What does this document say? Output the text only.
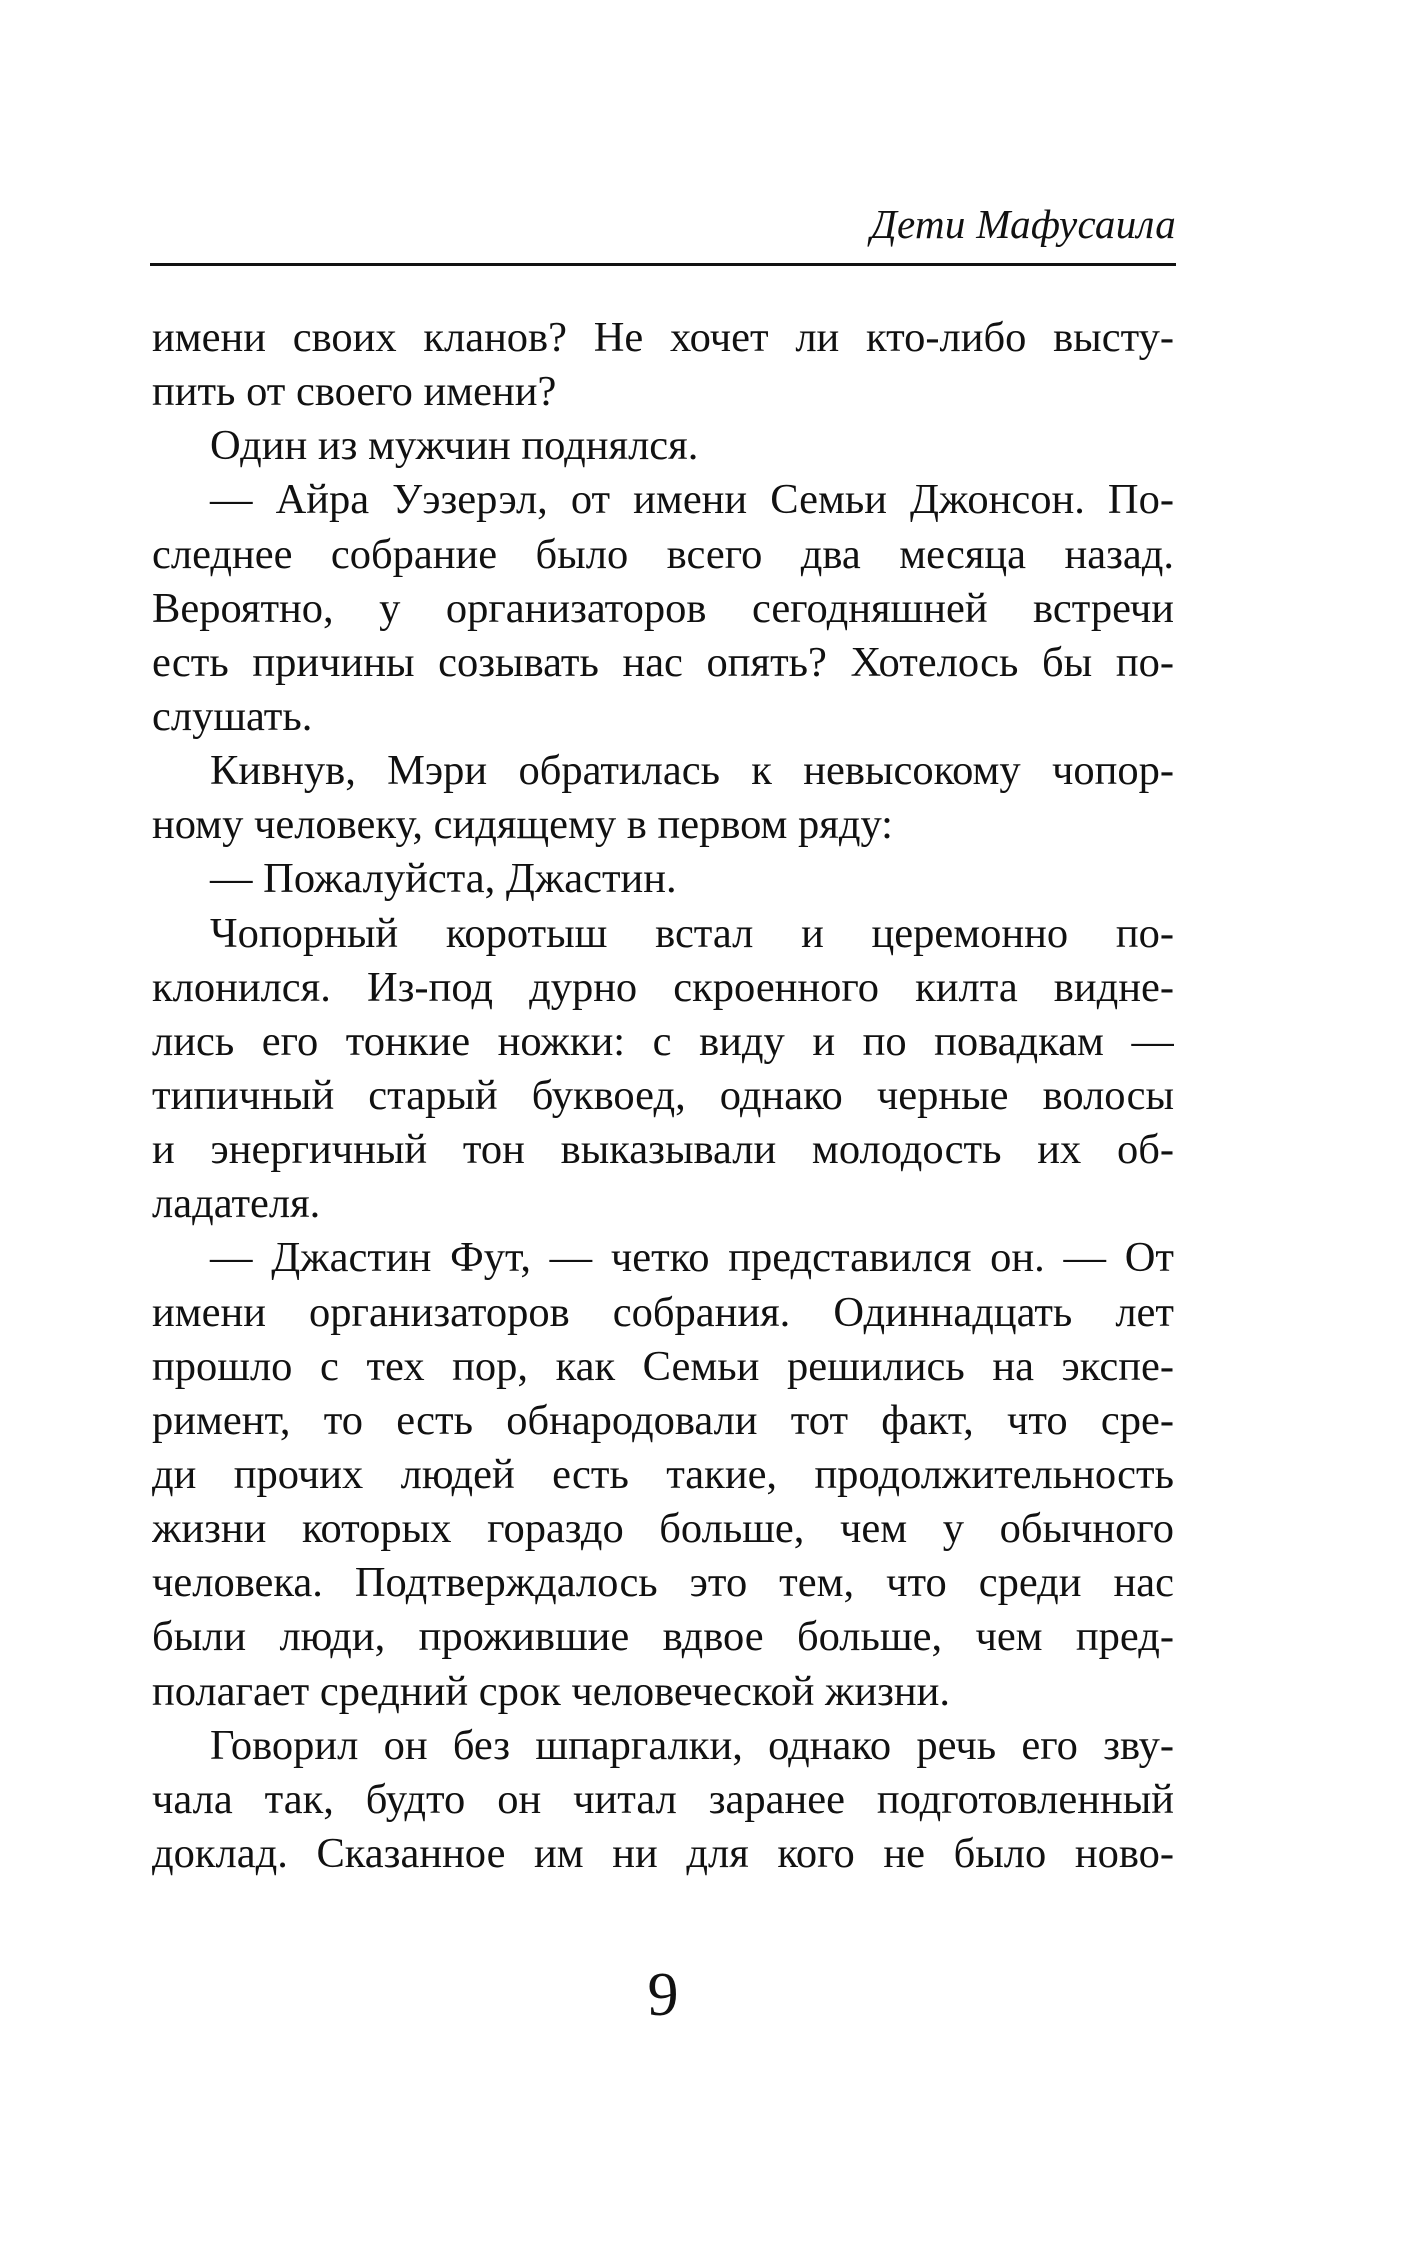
Дети Мафусаила
имени своих кланов? Не хочет ли кто-либо высту-
пить от своего имени?
Один из мужчин поднялся.
— Айра Уэзерэл, от имени Семьи Джонсон. По-
следнее собрание было всего два месяца назад.
Вероятно, у организаторов сегодняшней встречи
есть причины созывать нас опять? Хотелось бы по-
слушать.
Кивнув, Мэри обратилась к невысокому чопор-
ному человеку, сидящему в первом ряду:
— Пожалуйста, Джастин.
Чопорный коротыш встал и церемонно по-
клонился. Из-под дурно скроенного килта видне-
лись его тонкие ножки: с виду и по повадкам —
типичный старый буквоед, однако черные волосы
и энергичный тон выказывали молодость их об-
ладателя.
— Джастин Фут, — четко представился он. — От
имени организаторов собрания. Одиннадцать лет
прошло с тех пор, как Семьи решились на экспе-
римент, то есть обнародовали тот факт, что сре-
ди прочих людей есть такие, продолжительность
жизни которых гораздо больше, чем у обычного
человека. Подтверждалось это тем, что среди нас
были люди, прожившие вдвое больше, чем пред-
полагает средний срок человеческой жизни.
Говорил он без шпаргалки, однако речь его зву-
чала так, будто он читал заранее подготовленный
доклад. Сказанное им ни для кого не было ново-
9
